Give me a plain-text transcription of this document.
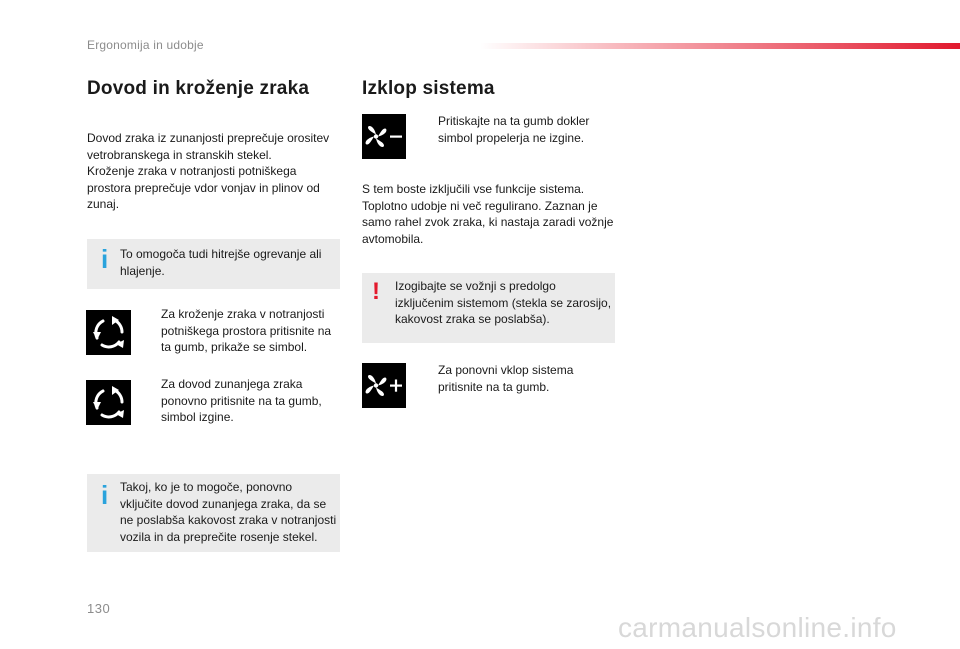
Ergonomija in udobje
Dovod in kroženje zraka
Dovod zraka iz zunanjosti preprečuje orositev
vetrobranskega in stranskih stekel.
Kroženje zraka v notranjosti potniškega
prostora preprečuje vdor vonjav in plinov od
zunaj.
i To omogoča tudi hitrejše ogrevanje ali
hlajenje.
Za kroženje zraka v notranjosti
potniškega prostora pritisnite na
ta gumb, prikaže se simbol.
Za dovod zunanjega zraka
ponovno pritisnite na ta gumb,
simbol izgine.
i Takoj, ko je to mogoče, ponovno
vključite dovod zunanjega zraka, da se
ne poslabša kakovost zraka v notranjosti
vozila in da preprečite rosenje stekel.
Izklop sistema
Pritiskajte na ta gumb dokler
simbol propelerja ne izgine.
S tem boste izključili vse funkcije sistema.
Toplotno udobje ni več regulirano. Zaznan je
samo rahel zvok zraka, ki nastaja zaradi vožnje
avtomobila.
! Izogibajte se vožnji s predolgo
izključenim sistemom (stekla se zarosijo,
kakovost zraka se poslabša).
Za ponovni vklop sistema
pritisnite na ta gumb.
130
carmanualsonline.info
